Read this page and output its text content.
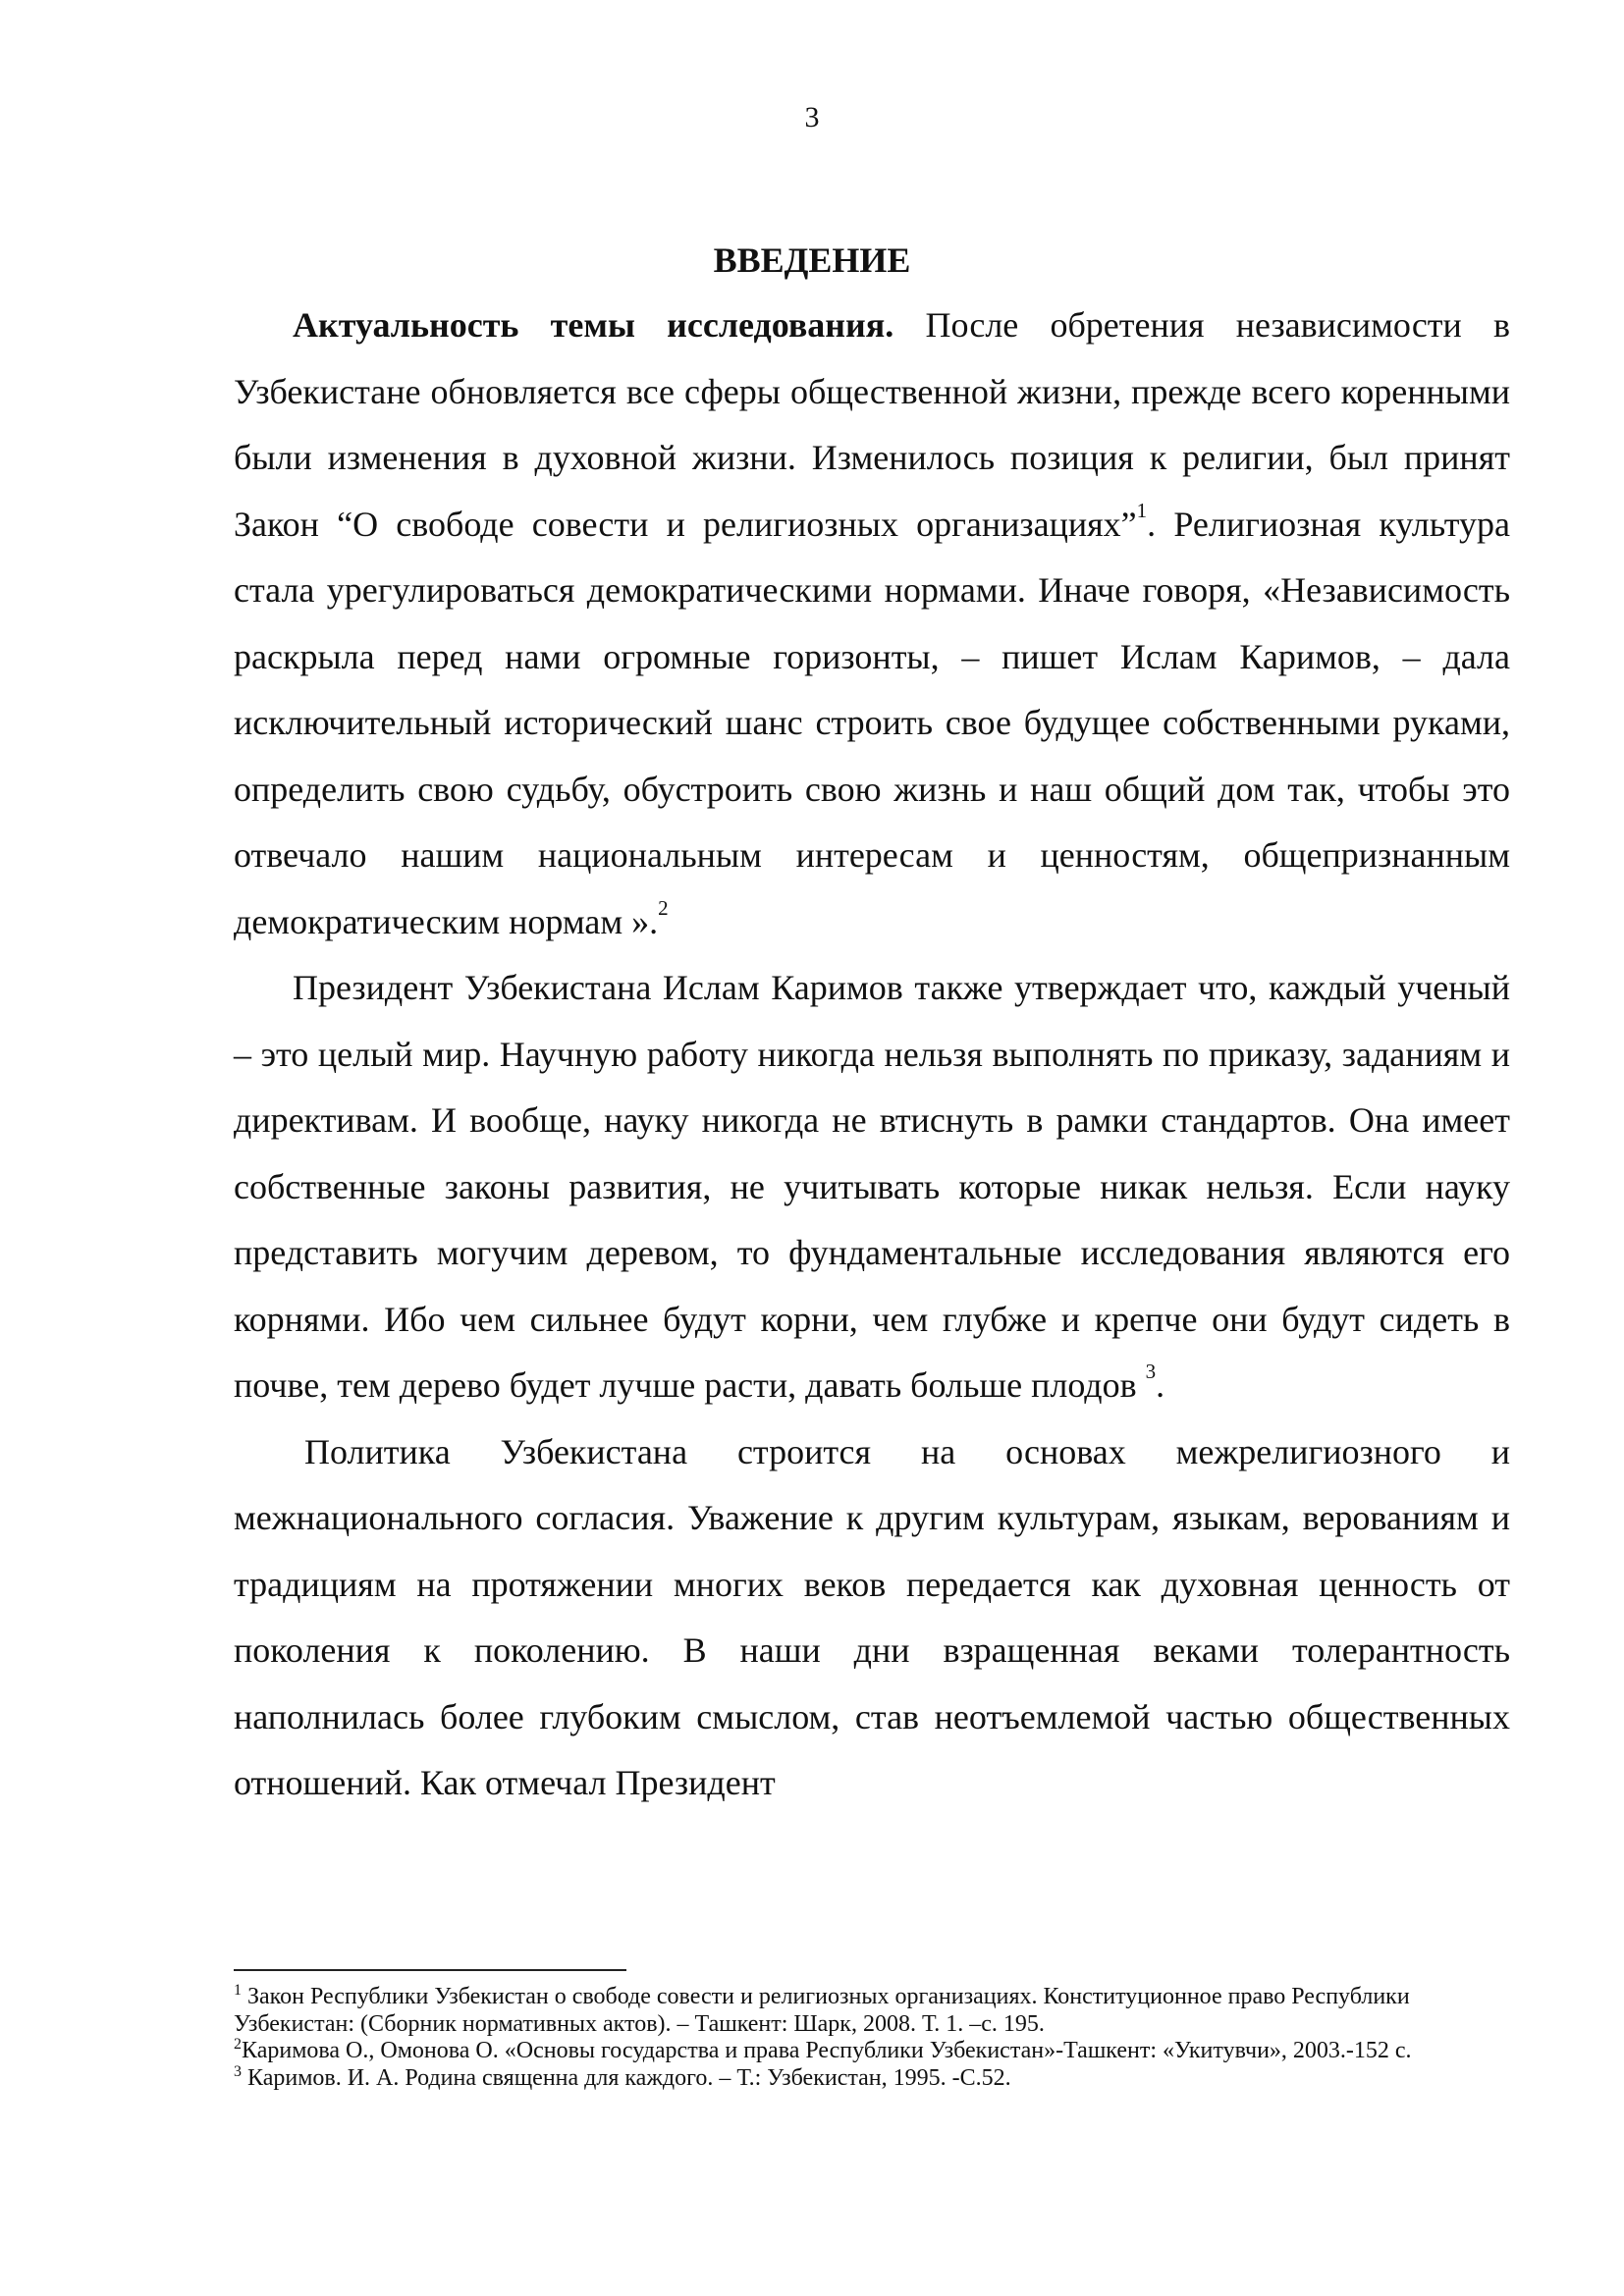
3
ВВЕДЕНИЕ

Актуальность темы исследования. После обретения независимости в Узбекистане обновляется все сферы общественной жизни, прежде всего коренными были изменения в духовной жизни. Изменилось позиция к религии, был принят Закон “О свободе совести и религиозных организациях”$^1$. Религиозная культура стала урегулироваться демократическими нормами. Иначе говоря, «Независимость раскрыла перед нами огромные горизонты, – пишет Ислам Каримов, – дала исключительный исторический шанс строить свое будущее собственными руками, определить свою судьбу, обустроить свою жизнь и наш общий дом так, чтобы это отвечало нашим национальным интересам и ценностям, общепризнанным демократическим нормам ».$^2$

Президент Узбекистана Ислам Каримов также утверждает что, каждый ученый – это целый мир. Научную работу никогда нельзя выполнять по приказу, заданиям и директивам. И вообще, науку никогда не втиснуть в рамки стандартов. Она имеет собственные законы развития, не учитывать которые никак нельзя. Если науку представить могучим деревом, то фундаментальные исследования являются его корнями. Ибо чем сильнее будут корни, чем глубже и крепче они будут сидеть в почве, тем дерево будет лучше расти, давать больше плодов $^3$.

Политика Узбекистана строится на основах межрелигиозного и межнационального согласия. Уважение к другим культурам, языкам, верованиям и традициям на протяжении многих веков передается как духовная ценность от поколения к поколению. В наши дни взращенная веками толерантность наполнилась более глубоким смыслом, став неотъемлемой частью общественных отношений. Как отмечал Президент

$^1$ Закон Республики Узбекистан о свободе совести и религиозных организациях. Конституционное право Республики Узбекистан: (Сборник нормативных актов). – Ташкент: Шарк, 2008. Т. 1. –с. 195.

$^2$Каримова О., Омонова О. «Основы государства и права Республики Узбекистан»-Ташкент: «Укитувчи», 2003.-152 с.

$^3$ Каримов. И. А. Родина священна для каждого. – Т.: Узбекистан, 1995. -С.52.
